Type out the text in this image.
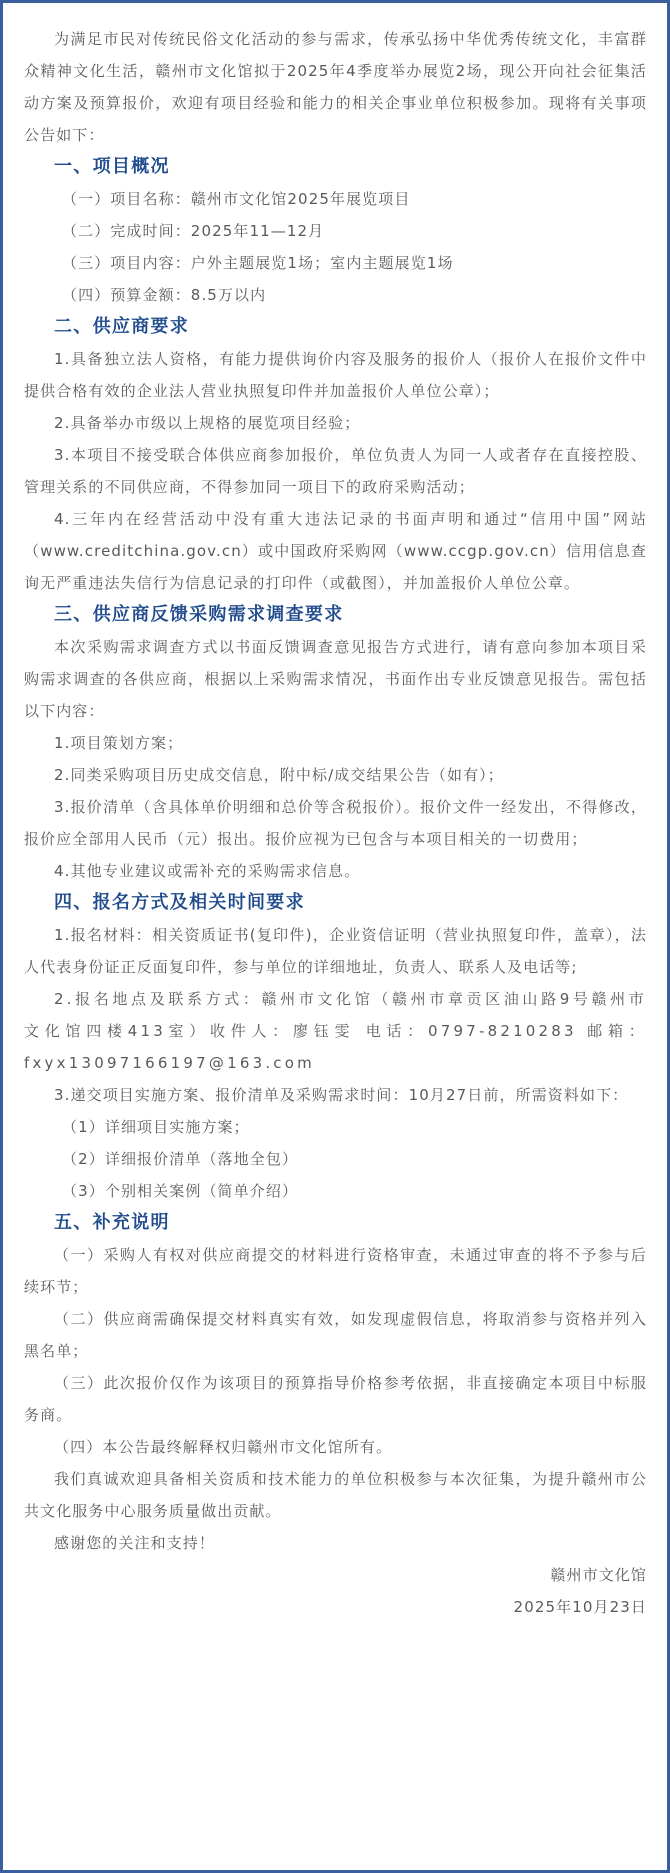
为满足市民对传统民俗文化活动的参与需求，传承弘扬中华优秀传统文化，丰富群众精神文化生活，赣州市文化馆拟于2025年4季度举办展览2场，现公开向社会征集活动方案及预算报价，欢迎有项目经验和能力的相关企事业单位积极参加。现将有关事项公告如下：

一、项目概况

（一）项目名称：赣州市文化馆2025年展览项目

（二）完成时间：2025年11—12月

（三）项目内容：户外主题展览1场；室内主题展览1场

（四）预算金额：8.5万以内

二、供应商要求

1.具备独立法人资格，有能力提供询价内容及服务的报价人（报价人在报价文件中提供合格有效的企业法人营业执照复印件并加盖报价人单位公章）；

2.具备举办市级以上规格的展览项目经验；

3.本项目不接受联合体供应商参加报价，单位负责人为同一人或者存在直接控股、管理关系的不同供应商，不得参加同一项目下的政府采购活动；

4.三年内在经营活动中没有重大违法记录的书面声明和通过“信用中国”网站（www.creditchina.gov.cn）或中国政府采购网（www.ccgp.gov.cn）信用信息查询无严重违法失信行为信息记录的打印件（或截图），并加盖报价人单位公章。

三、供应商反馈采购需求调查要求

本次采购需求调查方式以书面反馈调查意见报告方式进行，请有意向参加本项目采购需求调查的各供应商，根据以上采购需求情况，书面作出专业反馈意见报告。需包括以下内容：

1.项目策划方案；

2.同类采购项目历史成交信息，附中标/成交结果公告（如有）；

3.报价清单（含具体单价明细和总价等含税报价）。报价文件一经发出，不得修改，报价应全部用人民币（元）报出。报价应视为已包含与本项目相关的一切费用；

4.其他专业建议或需补充的采购需求信息。

四、报名方式及相关时间要求

1.报名材料：相关资质证书(复印件)，企业资信证明（营业执照复印件，盖章），法人代表身份证正反面复印件，参与单位的详细地址，负责人、联系人及电话等;

2.报名地点及联系方式：赣州市文化馆（赣州市章贡区油山路9号赣州市文化馆四楼413室）收件人：廖钰雯 电话：0797-8210283 邮箱：fxyx13097166197@163.com

3.递交项目实施方案、报价清单及采购需求时间：10月27日前，所需资料如下：

（1）详细项目实施方案；

（2）详细报价清单（落地全包）

（3）个别相关案例（简单介绍）

五、补充说明

（一）采购人有权对供应商提交的材料进行资格审查，未通过审查的将不予参与后续环节；

（二）供应商需确保提交材料真实有效，如发现虚假信息，将取消参与资格并列入黑名单；

（三）此次报价仅作为该项目的预算指导价格参考依据，非直接确定本项目中标服务商。

（四）本公告最终解释权归赣州市文化馆所有。

我们真诚欢迎具备相关资质和技术能力的单位积极参与本次征集，为提升赣州市公共文化服务中心服务质量做出贡献。

感谢您的关注和支持！

赣州市文化馆

2025年10月23日
